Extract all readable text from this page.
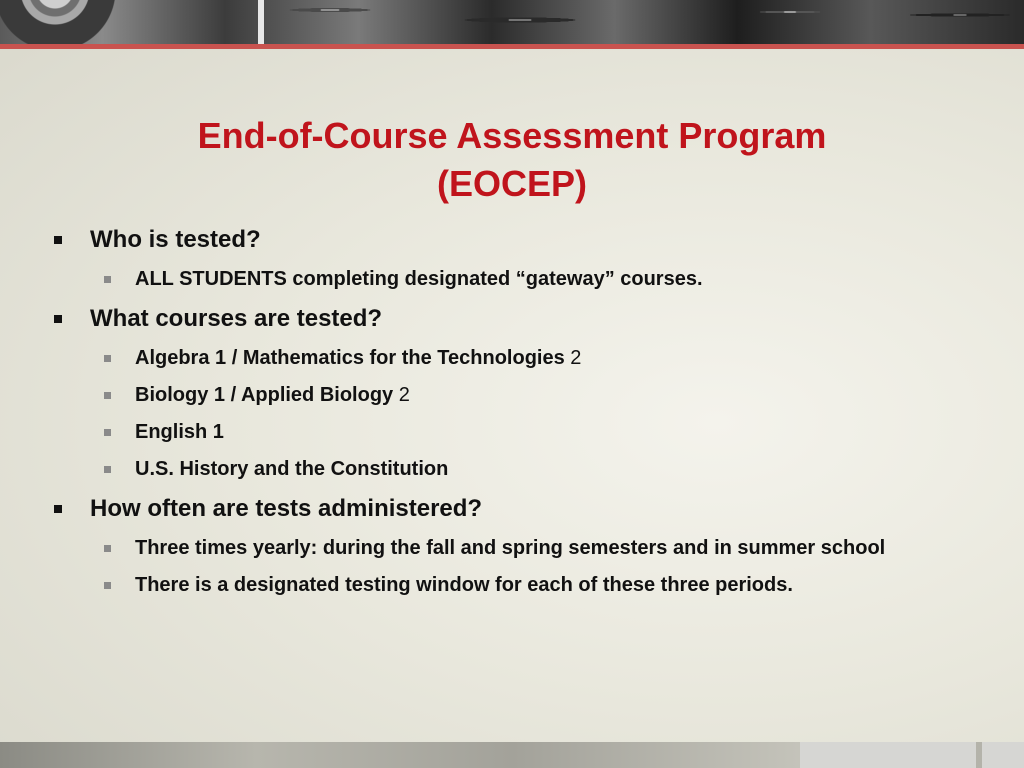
End-of-Course Assessment Program
(EOCEP)
Who is tested?
ALL STUDENTS completing designated “gateway” courses.
What courses are tested?
Algebra 1 / Mathematics for the Technologies 2
Biology 1 / Applied Biology 2
English 1
U.S. History and the Constitution
How often are tests administered?
Three times yearly: during the fall and spring semesters and in summer school
There is a designated testing window for each of these three periods.
